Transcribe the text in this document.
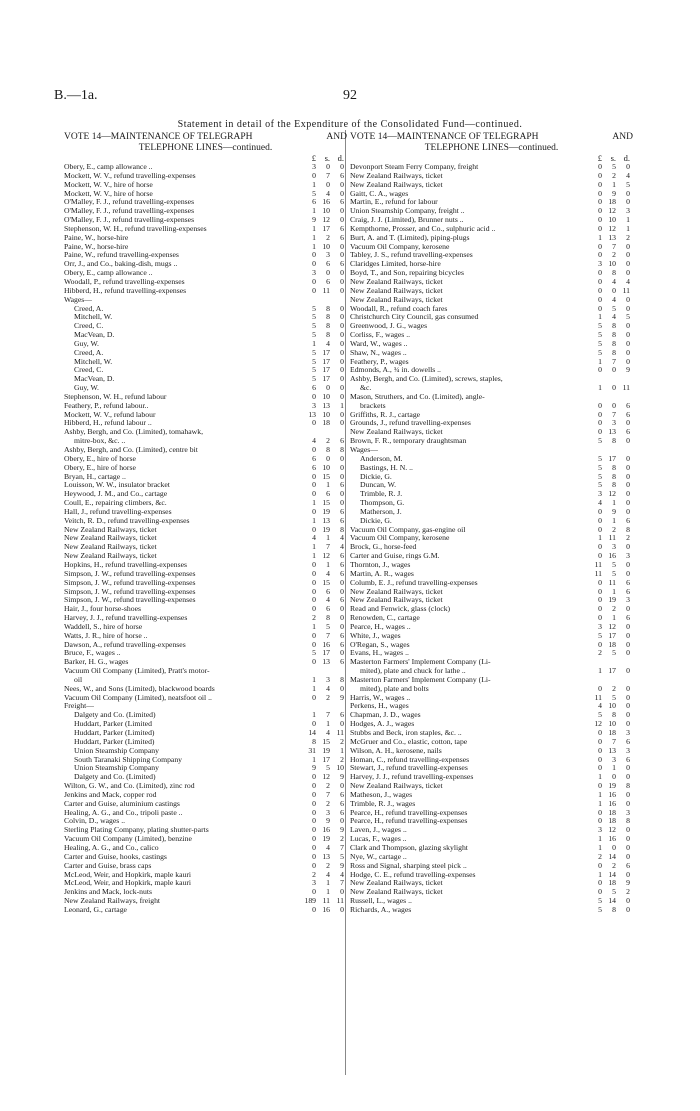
B.—1a.	92
Statement in detail of the Expenditure of the Consolidated Fund—continued.
VOTE 14—MAINTENANCE OF TELEGRAPH	AND
TELEPHONE LINES—continued.
£	s. d.
Obery, E., camp allowance ..	3	0	0
Mockett, W. V., refund travelling-expenses	0	7	6
Mockett, W. V., hire of horse	1	0	0
Mockett, W. V., hire of horse	5	4	0
O'Malley, F. J., refund travelling-expenses	6 16	6
O'Malley, F. J., refund travelling-expenses	1 10	0
O'Malley, F. J., refund travelling-expenses	9 12	0
Stephenson, W. H., refund travelling-expenses	1 17	6
Paine, W., horse-hire	1	2	6
Paine, W., horse-hire	1 10	0
Paine, W., refund travelling-expenses	0	3	0
Orr, J., and Co., baking-dish, mugs ..	0	6	6
Obery, E., camp allowance ..	3	0	0
Woodall, P., refund travelling-expenses	0	6	0
Hibberd, H., refund travelling-expenses	0 11	0
Wages—
Creed, A.	5	8	0
Mitchell, W.	5	8	0
Creed, C.	5	8	0
MacVean, D.	5	8	0
Guy, W.	1	4	0
Creed, A.	5 17	0
Mitchell, W.	5 17	0
Creed, C.	5 17	0
MacVean, D.	5 17	0
Guy, W.	6	0	0
Stephenson, W. H., refund labour	0 10	0
Feathery, P., refund labour..	3 13	1
Mockett, W. V., refund labour	13 10	0
Hibberd, H., refund labour ..	0 18	0
Ashby, Bergh, and Co. (Limited), tomahawk,
mitre-box, &c. ..	4	2	6
Ashby, Bergh, and Co. (Limited), centre bit	0	8	8
Obery, E., hire of horse	6	0	0
Obery, E., hire of horse	6 10	0
Bryan, H., cartage ..	0 15	0
Louisson, W. W., insulator bracket	0	1	6
Heywood, J. M., and Co., cartage	0	6	0
Coull, E., repairing climbers, &c.	1 15	0
Hall, J., refund travelling-expenses	0 19	6
Veitch, R. D., refund travelling-expenses	1 13	6
New Zealand Railways, ticket	0 19	8
New Zealand Railways, ticket	4	1	4
New Zealand Railways, ticket	1	7	4
New Zealand Railways, ticket	1 12	6
Hopkins, H., refund travelling-expenses	0	1	6
Simpson, J. W., refund travelling-expenses	0	4	6
Simpson, J. W., refund travelling-expenses	0 15	0
Simpson, J. W., refund travelling-expenses	0	6	0
Simpson, J. W., refund travelling-expenses	0	4	6
Hair, J., four horse-shoes	0	6	0
Harvey, J. J., refund travelling-expenses	2	8	0
Waddell, S., hire of horse	1	5	0
Watts, J. R., hire of horse ..	0	7	6
Dawson, A., refund travelling-expenses	0 16	6
Bruce, F., wages ..	5 17	0
Barker, H. G., wages	0 13	6
Vacuum Oil Company (Limited), Pratt's motor-
oil	1	3	8
Nees, W., and Sons (Limited), blackwood boards	1	4	0
Vacuum Oil Company (Limited), neatsfoot oil ..	0	2	9
Freight—
Dalgety and Co. (Limited)	1	7	6
Huddart, Parker (Limited	0	1	0
Huddart, Parker (Limited)	14	4 11
Huddart, Parker (Limited)	8 15	2
Union Steamship Company	31 19	1
South Taranaki Shipping Company	1 17	2
Union Steamship Company	9	5 10
Dalgety and Co. (Limited)	0 12	9
Wilton, G. W., and Co. (Limited), zinc rod	0	2	0
Jenkins and Mack, copper rod	0	7	6
Carter and Guise, aluminium castings	0	2	6
Healing, A. G., and Co., tripoli paste ..	0	3	6
Colvin, D., wages ..	0	9	0
Sterling Plating Company, plating shutter-parts	0 16	9
Vacuum Oil Company (Limited), benzine	0 19	2
Healing, A. G., and Co., calico	0	4	7
Carter and Guise, hooks, castings	0 13	5
Carter and Guise, brass caps	0	2	9
McLeod, Weir, and Hopkirk, maple kauri	2	4	4
McLeod, Weir, and Hopkirk, maple kauri	3	1	7
Jenkins and Mack, lock-nuts	0	1	0
New Zealand Railways, freight	189 11 11
Leonard, G., cartage	0 16	0
VOTE 14—MAINTENANCE OF TELEGRAPH	AND
TELEPHONE LINES—continued.
£	s. d.
Devonport Steam Ferry Company, freight	0	5	0
New Zealand Railways, ticket	0	2	4
New Zealand Railways, ticket	0	1	5
Gaitt, C. A., wages	0	9	0
Martin, E., refund for labour	0 18	0
Union Steamship Company, freight ..	0 12	3
Craig, J. J. (Limited), Brunner nuts ..	0 10	1
Kempthorne, Prosser, and Co., sulphuric acid ..	0 12	1
Burt, A. and T. (Limited), piping-plugs	1 13	2
Vacuum Oil Company, kerosene	0	7	0
Tabley, J. S., refund travelling-expenses	0	2	0
Claridges Limited, horse-hire	3 10	0
Boyd, T., and Son, repairing bicycles	0	8	0
New Zealand Railways, ticket	0	4	4
New Zealand Railways, ticket	0	0 11
New Zealand Railways, ticket	0	4	0
Woodall, R., refund coach fares	0	5	0
Christchurch City Council, gas consumed	1	4	5
Greenwood, J. G., wages	5	8	0
Corliss, F., wages ..	5	8	0
Ward, W., wages ..	5	8	0
Shaw, N., wages ..	5	8	0
Feathery, P., wages	1	7	0
Edmonds, A., ¾ in. dowells ..	0	0	9
Ashby, Bergh, and Co. (Limited), screws, staples,
&c.	1	0 11
Mason, Struthers, and Co. (Limited), angle-
brackets	0	0	6
Griffiths, R. J., cartage	0	7	6
Grounds, J., refund travelling-expenses	0	3	0
New Zealand Railways, ticket	0 13	6
Brown, F. R., temporary draughtsman	5	8	0
Wages—
Anderson, M.	5 17	0
Bastings, H. N. ..	5	8	0
Dickie, G.	5	8	0
Duncan, W.	5	8	0
Trimble, R. J.	3 12	0
Thompson, G.	4	1	0
Matherson, J.	0	9	0
Dickie, G.	0	1	6
Vacuum Oil Company, gas-engine oil	0	2	8
Vacuum Oil Company, kerosene	1 11	2
Brock, G., horse-feed	0	3	0
Carter and Guise, rings G.M.	0 16	3
Thornton, J., wages	11	5	0
Martin, A. R., wages	11	5	0
Columb, E. J., refund travelling-expenses	0 11	6
New Zealand Railways, ticket	0	1	6
New Zealand Railways, ticket	0 19	3
Read and Fenwick, glass (clock)	0	2	0
Renowden, C., cartage	0	1	6
Pearce, H., wages ..	3 12	0
White, J., wages	5 17	0
O'Regan, S., wages	0 18	0
Evans, H., wages ..	2	5	0
Masterton Farmers' Implement Company (Li-
mited), plate and chuck for lathe ..	1 17	0
Masterton Farmers' Implement Company (Li-
mited), plate and bolts	0	2	0
Harris, W., wages ..	11	5	0
Perkens, H., wages	4 10	0
Chapman, J. D., wages	5	8	0
Hodges, A. J., wages	12 10	0
Stubbs and Beck, iron staples, &c. ..	0 18	3
McGruer and Co., elastic, cotton, tape	0	7	6
Wilson, A. H., kerosene, nails	0 13	3
Homan, C., refund travelling-expenses	0	3	6
Stewart, J., refund travelling-expenses	0	1	0
Harvey, J. J., refund travelling-expenses	1	0	0
New Zealand Railways, ticket	0 19	8
Matheson, J., wages	1 16	0
Trimble, R. J., wages	1 16	0
Pearce, H., refund travelling-expenses	0 18	3
Pearce, H., refund travelling-expenses	0 18	8
Laven, J., wages ..	3 12	0
Lucas, F., wages ..	1 16	0
Clark and Thompson, glazing skylight	1	0	0
Nye, W., cartage ..	2 14	0
Ross and Signal, sharping steel pick ..	0	2	6
Hodge, C. E., refund travelling-expenses	1 14	0
New Zealand Railways, ticket	0 18	9
New Zealand Railways, ticket	0	5	2
Russell, L., wages ..	5 14	0
Richards, A., wages	5	8	0
